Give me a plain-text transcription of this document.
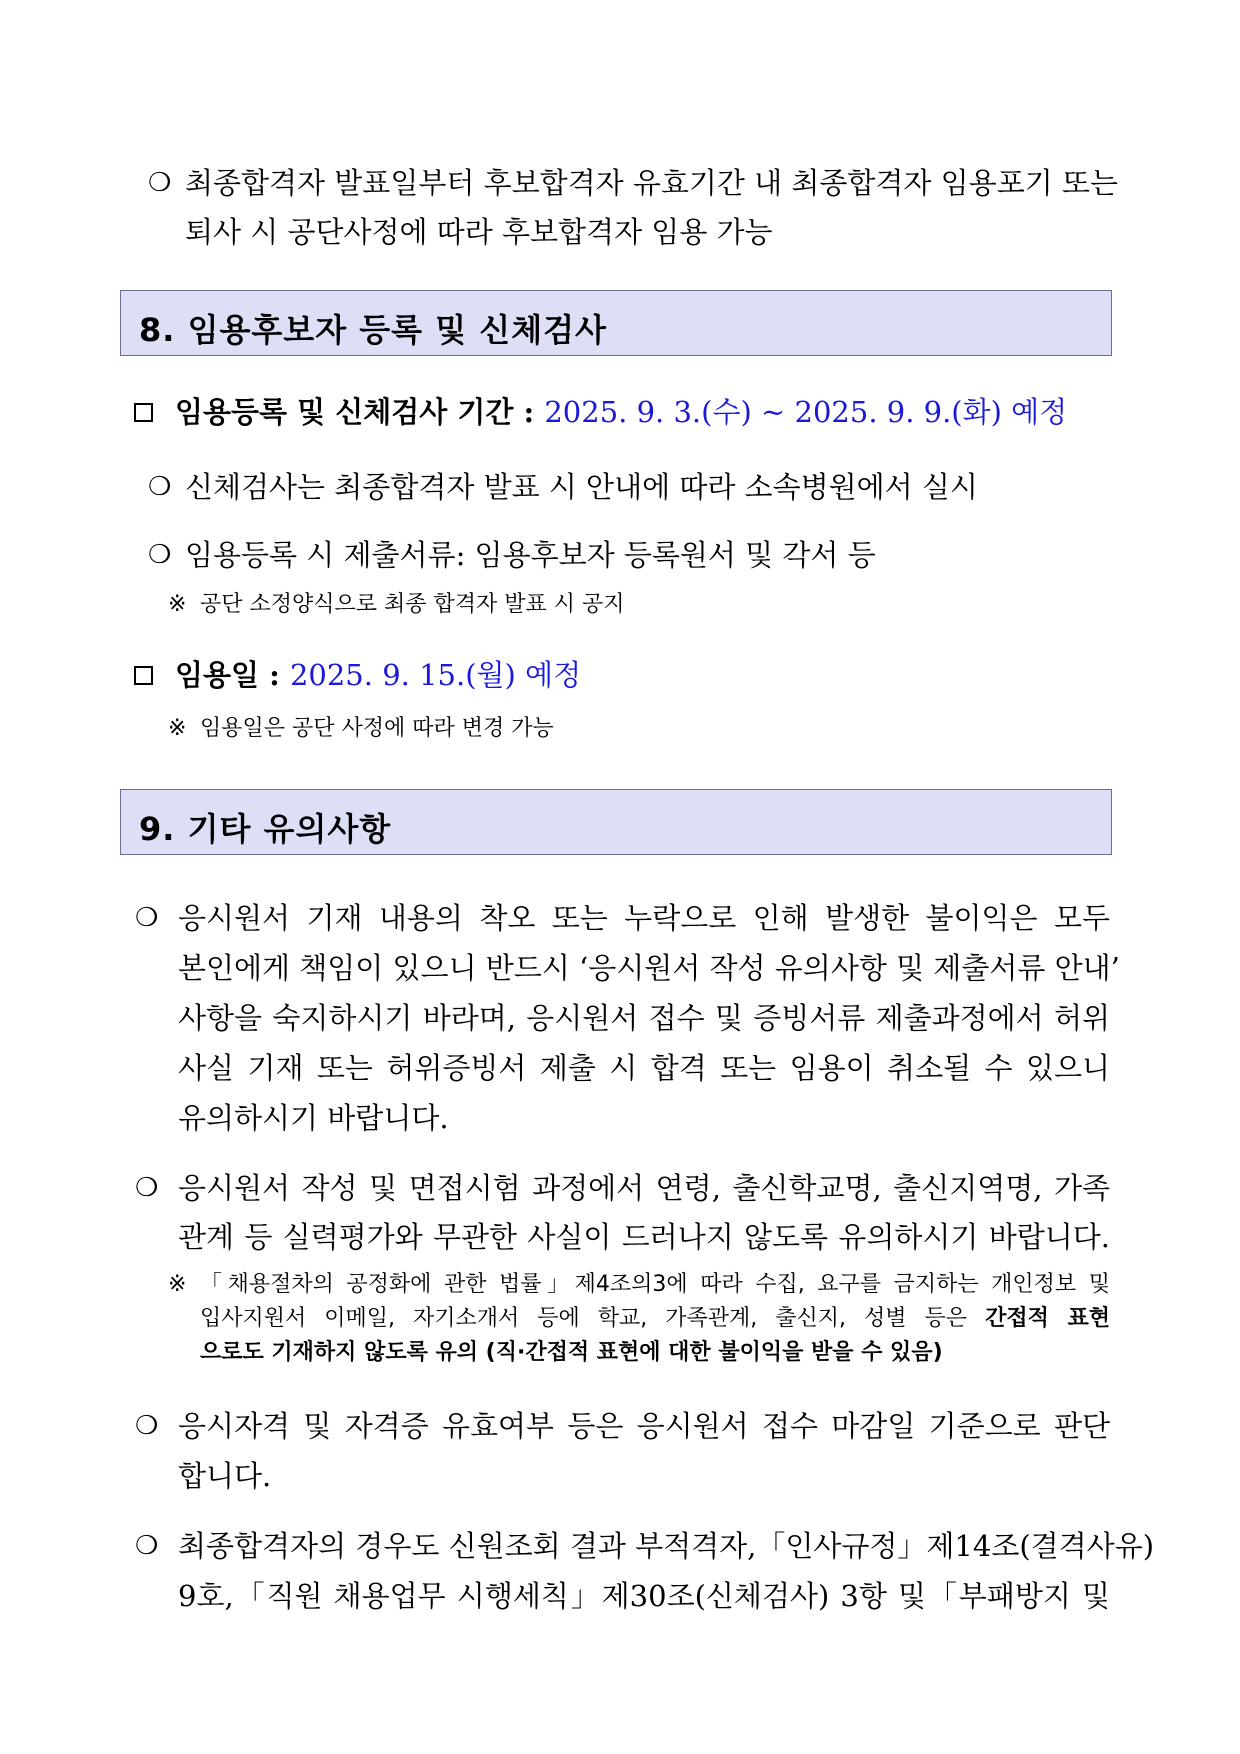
❍ 최종합격자 발표일부터 후보합격자 유효기간 내 최종합격자 임용포기 또는
퇴사 시 공단사정에 따라 후보합격자 임용 가능
8. 임용후보자 등록 및 신체검사
임용등록 및 신체검사 기간 : 2025. 9. 3.(수) ~ 2025. 9. 9.(화) 예정
❍ 신체검사는 최종합격자 발표 시 안내에 따라 소속병원에서 실시
❍ 임용등록 시 제출서류: 임용후보자 등록원서 및 각서 등
※ 공단 소정양식으로 최종 합격자 발표 시 공지
임용일 : 2025. 9. 15.(월) 예정
※ 임용일은 공단 사정에 따라 변경 가능
9. 기타 유의사항
❍ 응시원서 기재 내용의 착오 또는 누락으로 인해 발생한 불이익은 모두
본인에게 책임이 있으니 반드시 ‘응시원서 작성 유의사항 및 제출서류 안내’
사항을 숙지하시기 바라며, 응시원서 접수 및 증빙서류 제출과정에서 허위
사실 기재 또는 허위증빙서 제출 시 합격 또는 임용이 취소될 수 있으니
유의하시기 바랍니다.
❍ 응시원서 작성 및 면접시험 과정에서 연령, 출신학교명, 출신지역명, 가족
관계 등 실력평가와 무관한 사실이 드러나지 않도록 유의하시기 바랍니다.
※ 「채용절차의 공정화에 관한 법률」제4조의3에 따라 수집, 요구를 금지하는 개인정보 및
입사지원서 이메일, 자기소개서 등에 학교, 가족관계, 출신지, 성별 등은 간접적 표현
으로도 기재하지 않도록 유의 (직·간접적 표현에 대한 불이익을 받을 수 있음)
❍ 응시자격 및 자격증 유효여부 등은 응시원서 접수 마감일 기준으로 판단
합니다.
❍ 최종합격자의 경우도 신원조회 결과 부적격자,「인사규정」제14조(결격사유)
9호,「직원 채용업무 시행세칙」제30조(신체검사) 3항 및「부패방지 및
